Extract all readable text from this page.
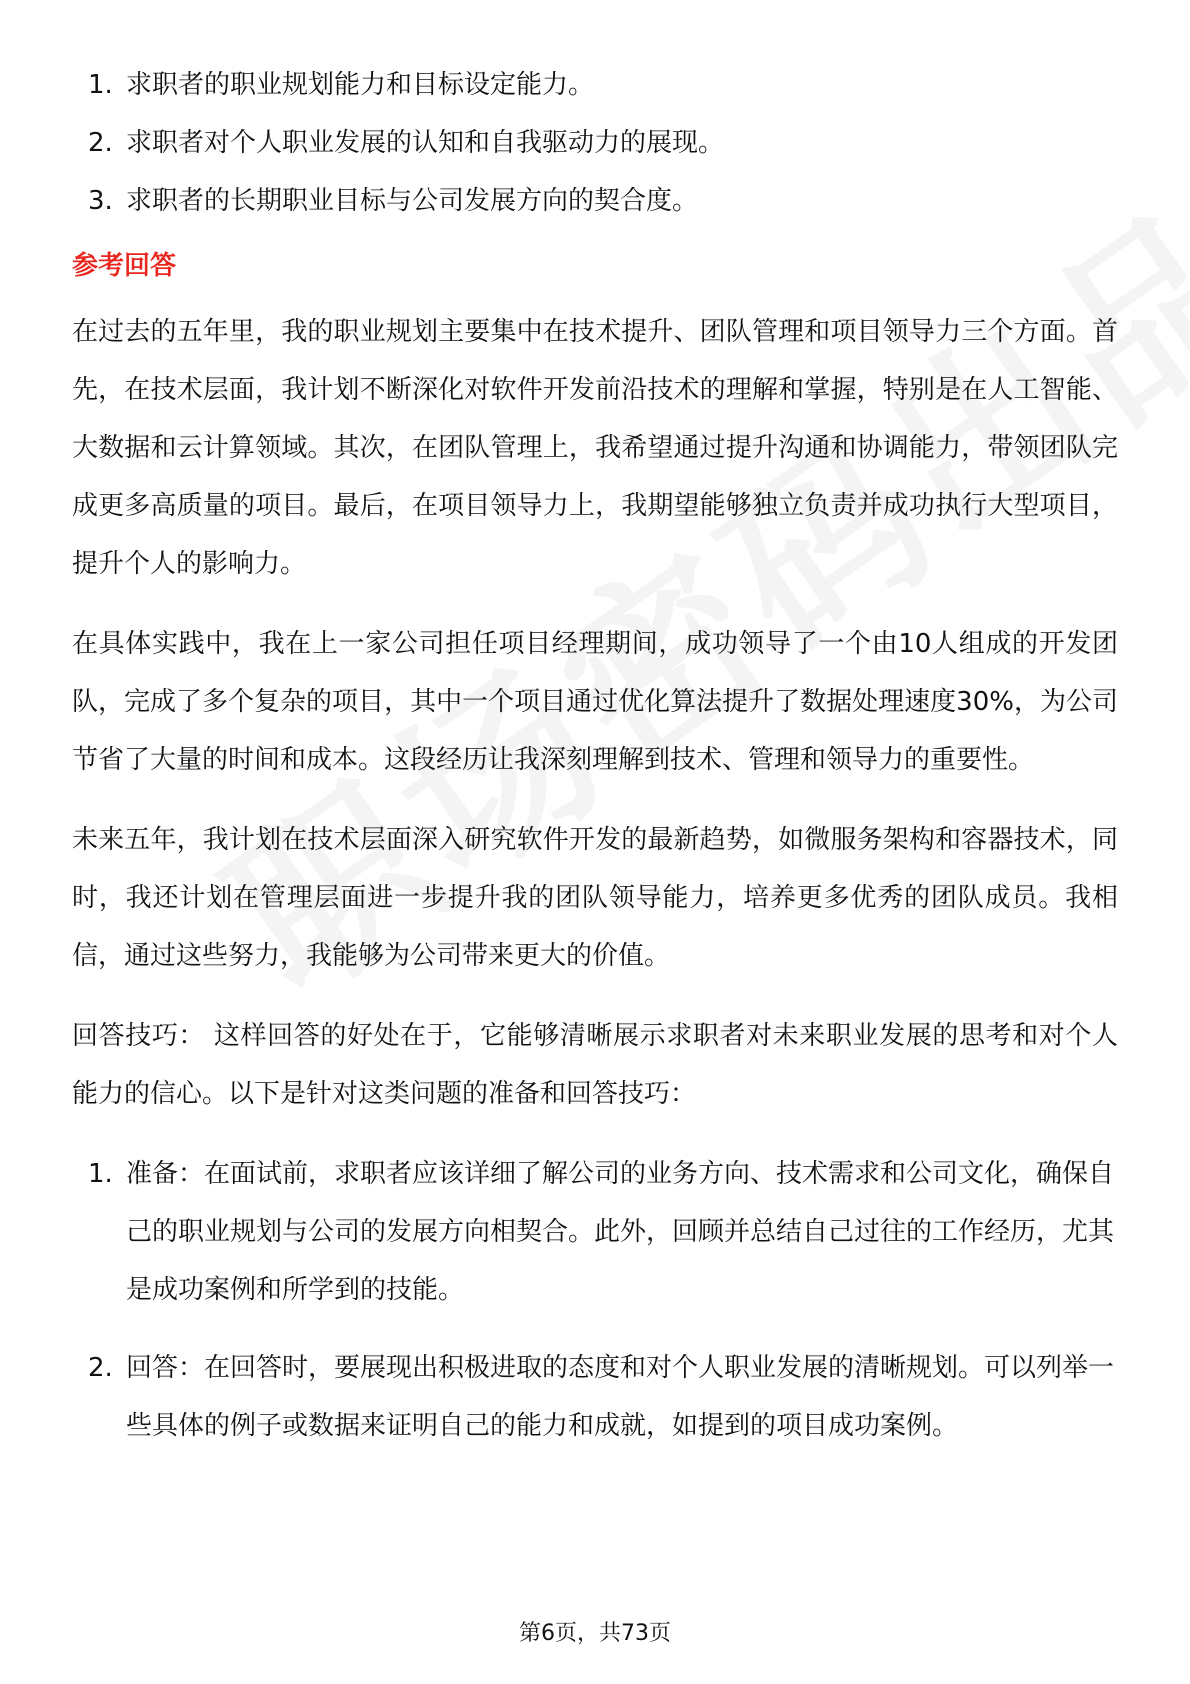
1. 求职者的职业规划能力和目标设定能力。
2. 求职者对个人职业发展的认知和自我驱动力的展现。
3. 求职者的长期职业目标与公司发展方向的契合度。
参考回答

在过去的五年里，我的职业规划主要集中在技术提升、团队管理和项目领导力三个方面。首先，在技术层面，我计划不断深化对软件开发前沿技术的理解和掌握，特别是在人工智能、大数据和云计算领域。其次，在团队管理上，我希望通过提升沟通和协调能力，带领团队完成更多高质量的项目。最后，在项目领导力上，我期望能够独立负责并成功执行大型项目，提升个人的影响力。

在具体实践中，我在上一家公司担任项目经理期间，成功领导了一个由10人组成的开发团队，完成了多个复杂的项目，其中一个项目通过优化算法提升了数据处理速度30%，为公司节省了大量的时间和成本。这段经历让我深刻理解到技术、管理和领导力的重要性。

未来五年，我计划在技术层面深入研究软件开发的最新趋势，如微服务架构和容器技术，同时，我还计划在管理层面进一步提升我的团队领导能力，培养更多优秀的团队成员。我相信，通过这些努力，我能够为公司带来更大的价值。

回答技巧： 这样回答的好处在于，它能够清晰展示求职者对未来职业发展的思考和对个人能力的信心。以下是针对这类问题的准备和回答技巧：

1. 准备：在面试前，求职者应该详细了解公司的业务方向、技术需求和公司文化，确保自己的职业规划与公司的发展方向相契合。此外，回顾并总结自己过往的工作经历，尤其是成功案例和所学到的技能。
2. 回答：在回答时，要展现出积极进取的态度和对个人职业发展的清晰规划。可以列举一些具体的例子或数据来证明自己的能力和成就，如提到的项目成功案例。
第6页，共73页
